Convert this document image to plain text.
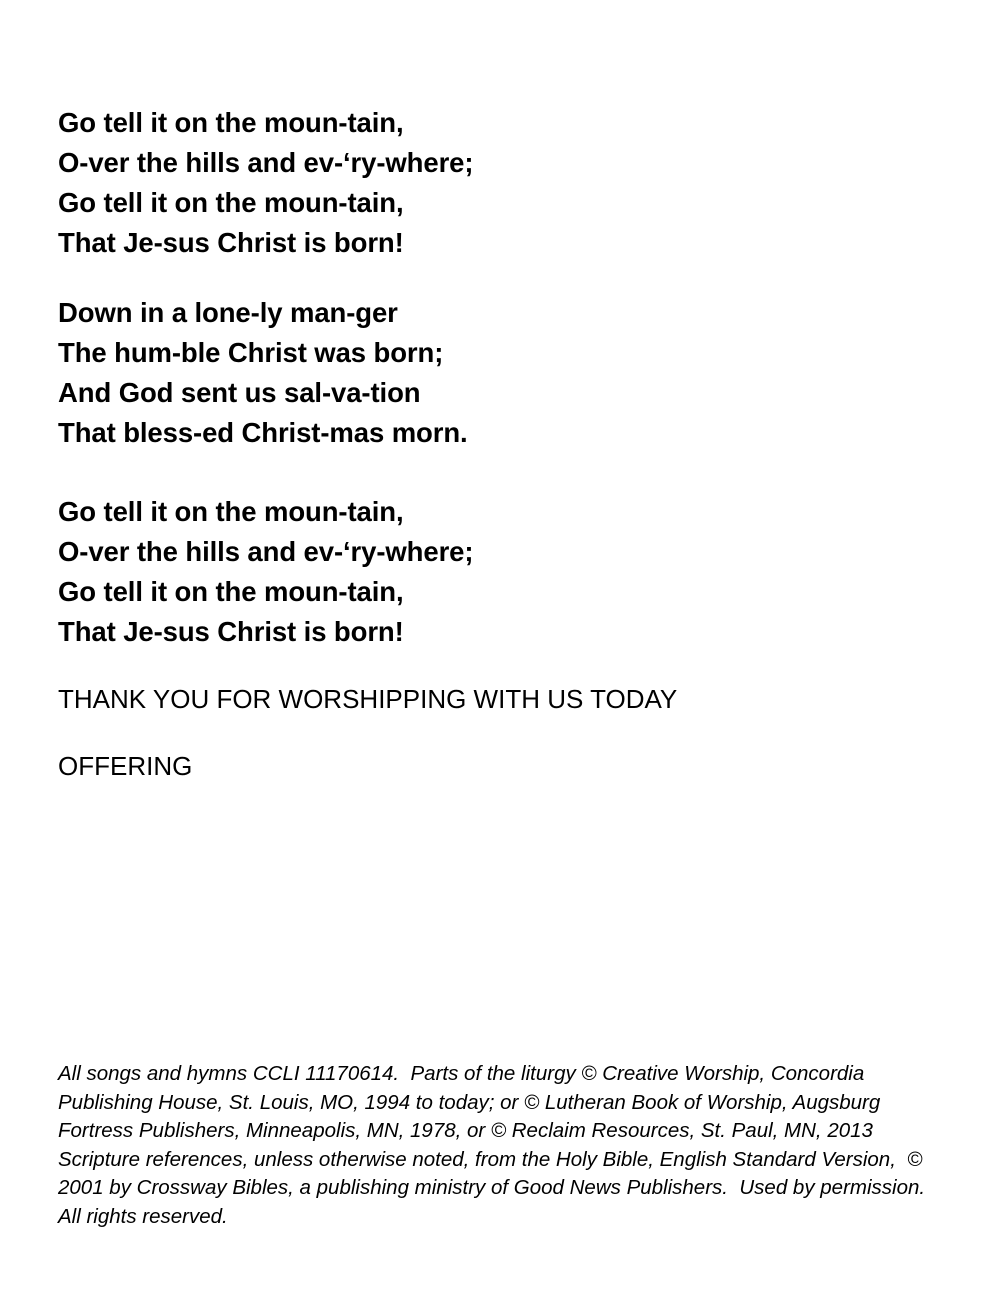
Go tell it on the moun-tain,
O-ver the hills and ev-‘ry-where;
Go tell it on the moun-tain,
That Je-sus Christ is born!
Down in a lone-ly man-ger
The hum-ble Christ was born;
And God sent us sal-va-tion
That bless-ed Christ-mas morn.
Go tell it on the moun-tain,
O-ver the hills and ev-‘ry-where;
Go tell it on the moun-tain,
That Je-sus Christ is born!
THANK YOU FOR WORSHIPPING WITH US TODAY
OFFERING
All songs and hymns CCLI 11170614.  Parts of the liturgy © Creative Worship, Concordia
Publishing House, St. Louis, MO, 1994 to today; or © Lutheran Book of Worship, Augsburg
Fortress Publishers, Minneapolis, MN, 1978, or © Reclaim Resources, St. Paul, MN, 2013
Scripture references, unless otherwise noted, from the Holy Bible, English Standard Version,  ©
2001 by Crossway Bibles, a publishing ministry of Good News Publishers.  Used by permission.
All rights reserved.
